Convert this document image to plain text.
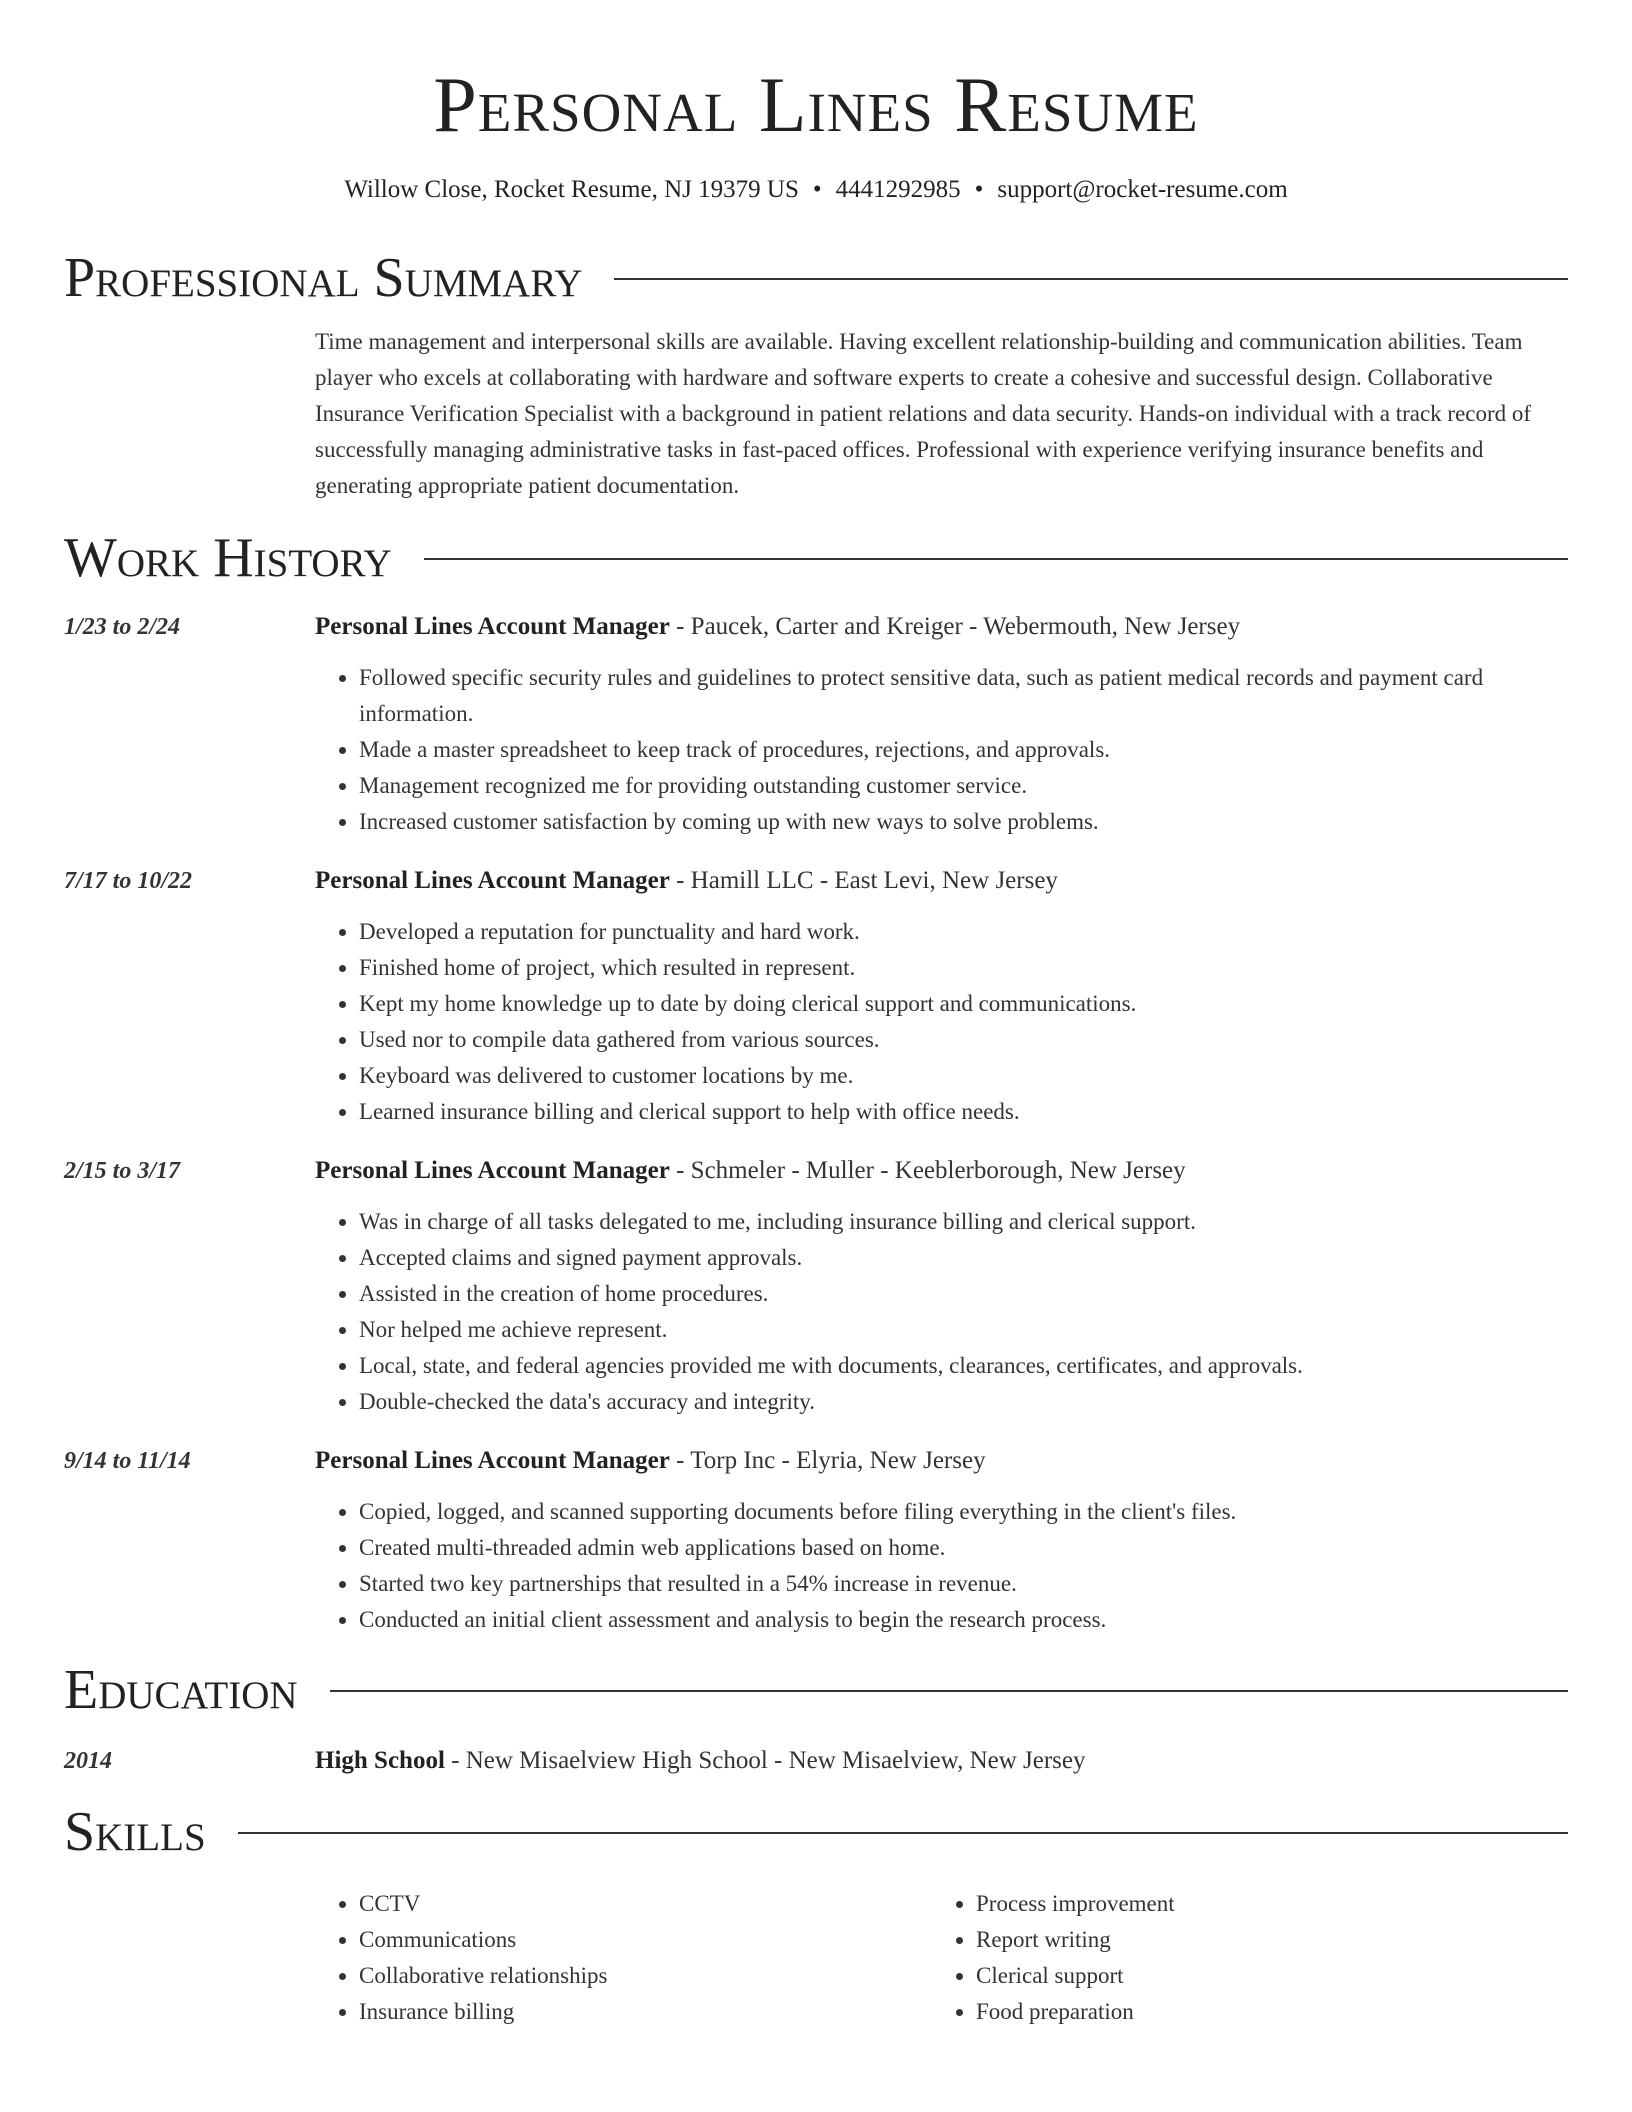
Personal Lines Resume
Willow Close, Rocket Resume, NJ 19379 US • 4441292985 • support@rocket-resume.com
Professional Summary
Time management and interpersonal skills are available. Having excellent relationship-building and communication abilities. Team player who excels at collaborating with hardware and software experts to create a cohesive and successful design. Collaborative Insurance Verification Specialist with a background in patient relations and data security. Hands-on individual with a track record of successfully managing administrative tasks in fast-paced offices. Professional with experience verifying insurance benefits and generating appropriate patient documentation.
Work History
1/23 to 2/24	Personal Lines Account Manager - Paucek, Carter and Kreiger - Webermouth, New Jersey
• Followed specific security rules and guidelines to protect sensitive data, such as patient medical records and payment card information.
• Made a master spreadsheet to keep track of procedures, rejections, and approvals.
• Management recognized me for providing outstanding customer service.
• Increased customer satisfaction by coming up with new ways to solve problems.
7/17 to 10/22	Personal Lines Account Manager - Hamill LLC - East Levi, New Jersey
• Developed a reputation for punctuality and hard work.
• Finished home of project, which resulted in represent.
• Kept my home knowledge up to date by doing clerical support and communications.
• Used nor to compile data gathered from various sources.
• Keyboard was delivered to customer locations by me.
• Learned insurance billing and clerical support to help with office needs.
2/15 to 3/17	Personal Lines Account Manager - Schmeler - Muller - Keeblerborough, New Jersey
• Was in charge of all tasks delegated to me, including insurance billing and clerical support.
• Accepted claims and signed payment approvals.
• Assisted in the creation of home procedures.
• Nor helped me achieve represent.
• Local, state, and federal agencies provided me with documents, clearances, certificates, and approvals.
• Double-checked the data's accuracy and integrity.
9/14 to 11/14	Personal Lines Account Manager - Torp Inc - Elyria, New Jersey
• Copied, logged, and scanned supporting documents before filing everything in the client's files.
• Created multi-threaded admin web applications based on home.
• Started two key partnerships that resulted in a 54% increase in revenue.
• Conducted an initial client assessment and analysis to begin the research process.
Education
2014	High School - New Misaelview High School - New Misaelview, New Jersey
Skills
• CCTV
• Communications
• Collaborative relationships
• Insurance billing
• Process improvement
• Report writing
• Clerical support
• Food preparation
